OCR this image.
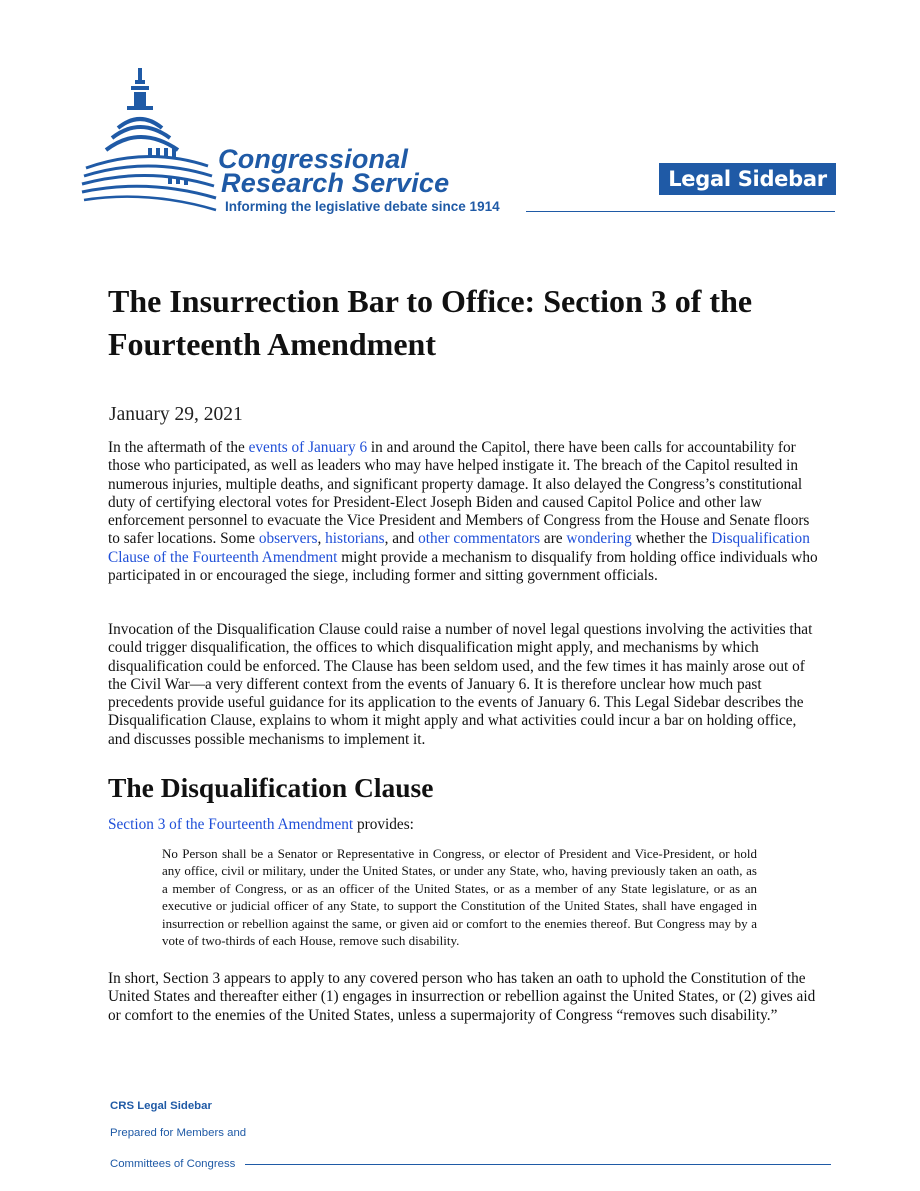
Congressional
Research Service
Informing the legislative debate since 1914
Legal Sidebar
The Insurrection Bar to Office: Section 3 of the Fourteenth Amendment
January 29, 2021
In the aftermath of the events of January 6 in and around the Capitol, there have been calls for accountability for those who participated, as well as leaders who may have helped instigate it. The breach of the Capitol resulted in numerous injuries, multiple deaths, and significant property damage. It also delayed the Congress’s constitutional duty of certifying electoral votes for President-Elect Joseph Biden and caused Capitol Police and other law enforcement personnel to evacuate the Vice President and Members of Congress from the House and Senate floors to safer locations. Some observers, historians, and other commentators are wondering whether the Disqualification Clause of the Fourteenth Amendment might provide a mechanism to disqualify from holding office individuals who participated in or encouraged the siege, including former and sitting government officials.
Invocation of the Disqualification Clause could raise a number of novel legal questions involving the activities that could trigger disqualification, the offices to which disqualification might apply, and mechanisms by which disqualification could be enforced. The Clause has been seldom used, and the few times it has mainly arose out of the Civil War—a very different context from the events of January 6. It is therefore unclear how much past precedents provide useful guidance for its application to the events of January 6. This Legal Sidebar describes the Disqualification Clause, explains to whom it might apply and what activities could incur a bar on holding office, and discusses possible mechanisms to implement it.
The Disqualification Clause
Section 3 of the Fourteenth Amendment provides:
No Person shall be a Senator or Representative in Congress, or elector of President and Vice-President, or hold any office, civil or military, under the United States, or under any State, who, having previously taken an oath, as a member of Congress, or as an officer of the United States, or as a member of any State legislature, or as an executive or judicial officer of any State, to support the Constitution of the United States, shall have engaged in insurrection or rebellion against the same, or given aid or comfort to the enemies thereof. But Congress may by a vote of two-thirds of each House, remove such disability.
In short, Section 3 appears to apply to any covered person who has taken an oath to uphold the Constitution of the United States and thereafter either (1) engages in insurrection or rebellion against the United States, or (2) gives aid or comfort to the enemies of the United States, unless a supermajority of Congress “removes such disability.”
CRS Legal Sidebar
Prepared for Members and
Committees of Congress
